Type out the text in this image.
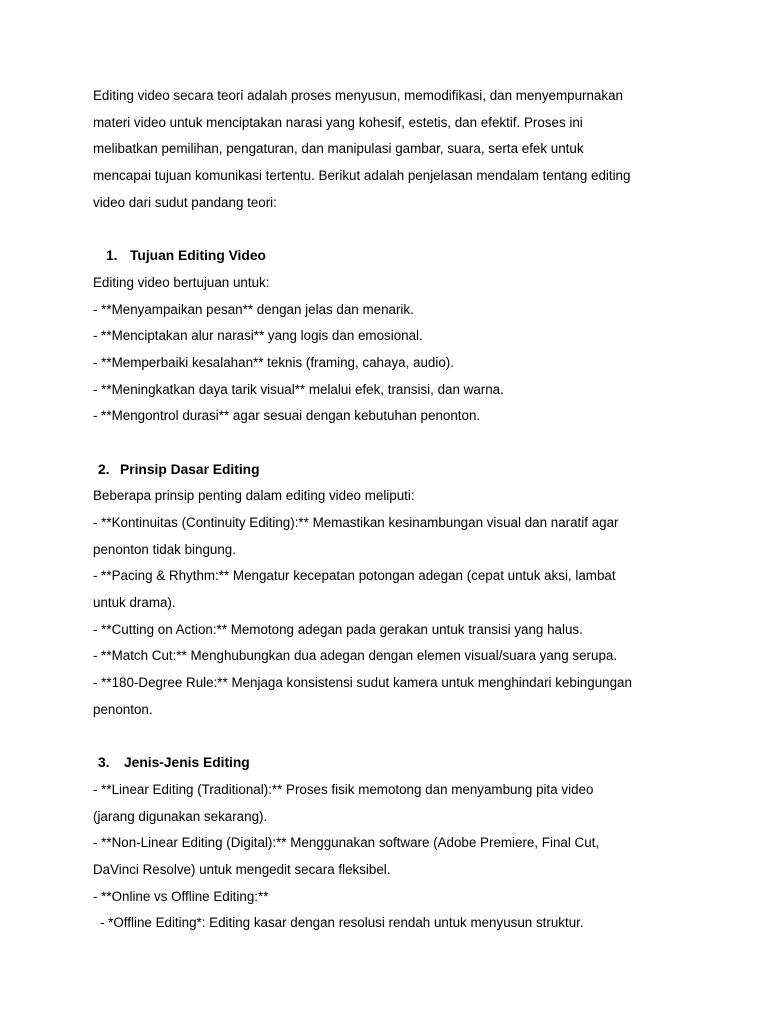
Editing video secara teori adalah proses menyusun, memodifikasi, dan menyempurnakan
materi video untuk menciptakan narasi yang kohesif, estetis, dan efektif. Proses ini
melibatkan pemilihan, pengaturan, dan manipulasi gambar, suara, serta efek untuk
mencapai tujuan komunikasi tertentu. Berikut adalah penjelasan mendalam tentang editing
video dari sudut pandang teori:
1. Tujuan Editing Video
Editing video bertujuan untuk:
- **Menyampaikan pesan** dengan jelas dan menarik.
- **Menciptakan alur narasi** yang logis dan emosional.
- **Memperbaiki kesalahan** teknis (framing, cahaya, audio).
- **Meningkatkan daya tarik visual** melalui efek, transisi, dan warna.
- **Mengontrol durasi** agar sesuai dengan kebutuhan penonton.
2. Prinsip Dasar Editing
Beberapa prinsip penting dalam editing video meliputi:
- **Kontinuitas (Continuity Editing):** Memastikan kesinambungan visual dan naratif agar
penonton tidak bingung.
- **Pacing & Rhythm:** Mengatur kecepatan potongan adegan (cepat untuk aksi, lambat
untuk drama).
- **Cutting on Action:** Memotong adegan pada gerakan untuk transisi yang halus.
- **Match Cut:** Menghubungkan dua adegan dengan elemen visual/suara yang serupa.
- **180-Degree Rule:** Menjaga konsistensi sudut kamera untuk menghindari kebingungan
penonton.
3. Jenis-Jenis Editing
- **Linear Editing (Traditional):** Proses fisik memotong dan menyambung pita video
(jarang digunakan sekarang).
- **Non-Linear Editing (Digital):** Menggunakan software (Adobe Premiere, Final Cut,
DaVinci Resolve) untuk mengedit secara fleksibel.
- **Online vs Offline Editing:**
- *Offline Editing*: Editing kasar dengan resolusi rendah untuk menyusun struktur.
